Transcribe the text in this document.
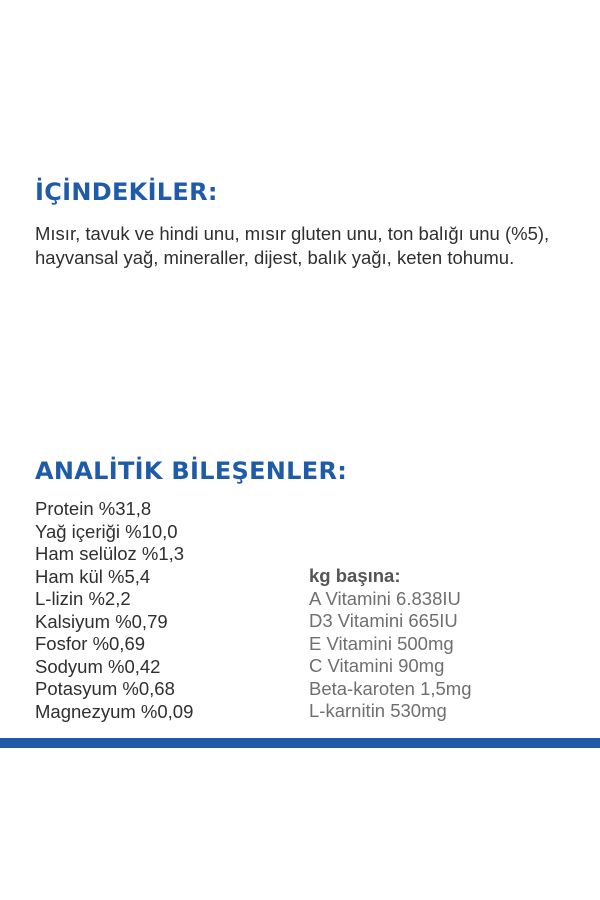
İÇİNDEKİLER:

Mısır, tavuk ve hindi unu, mısır gluten unu, ton balığı unu (%5), hayvansal yağ, mineraller, dijest, balık yağı, keten tohumu.

ANALİTİK BİLEŞENLER:
Protein %31,8
Yağ içeriği %10,0
Ham selüloz %1,3
Ham kül %5,4
L-lizin %2,2
Kalsiyum %0,79
Fosfor %0,69
Sodyum %0,42
Potasyum %0,68
Magnezyum %0,09
kg başına:
A Vitamini 6.838IU
D3 Vitamini 665IU
E Vitamini 500mg
C Vitamini 90mg
Beta-karoten 1,5mg
L-karnitin 530mg
